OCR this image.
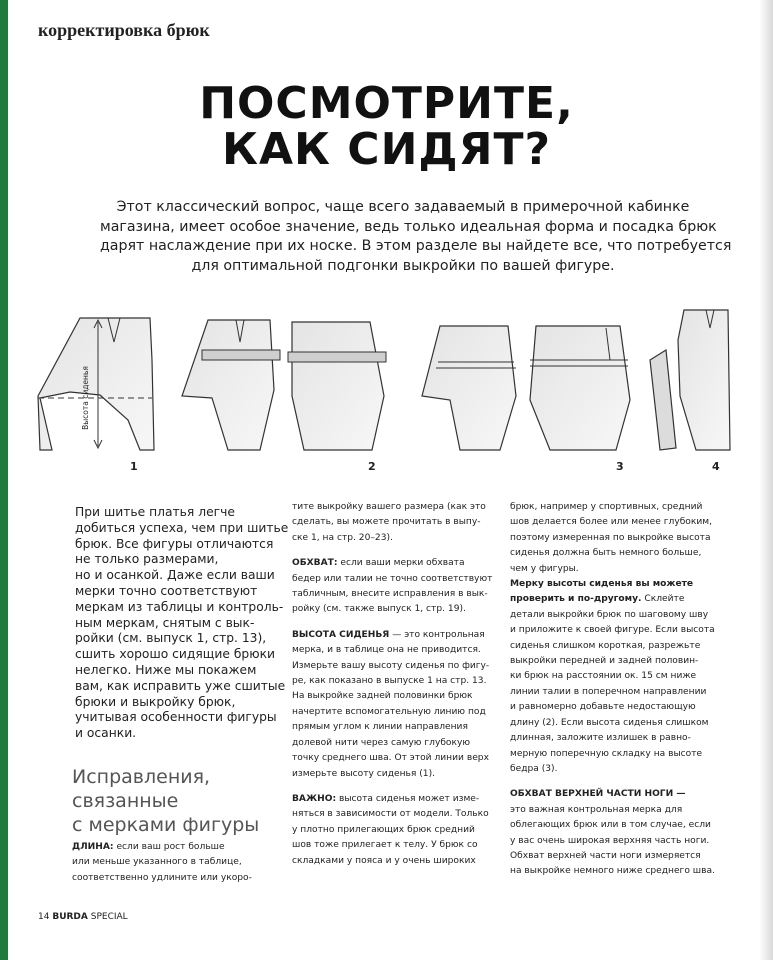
корректировка брюк
ПОСМОТРИТЕ,
КАК СИДЯТ?
Этот классический вопрос, чаще всего задаваемый в примерочной кабинке
магазина, имеет особое значение, ведь только идеальная форма и посадка брюк
дарят наслаждение при их носке. В этом разделе вы найдете все, что потребуется
для оптимальной подгонки выкройки по вашей фигуре.
Высота сиденья
1	2	3	4
При шитье платья легче
добиться успеха, чем при шитье
брюк. Все фигуры отличаются
не только размерами,
но и осанкой. Даже если ваши
мерки точно соответствуют
меркам из таблицы и контроль-
ным меркам, снятым с вык-
ройки (см. выпуск 1, стр. 13),
сшить хорошо сидящие брюки
нелегко. Ниже мы покажем
вам, как исправить уже сшитые
брюки и выкройку брюк,
учитывая особенности фигуры
и осанки.
Исправления,
связанные
с мерками фигуры
ДЛИНА: если ваш рост больше
или меньше указанного в таблице,
соответственно удлините или укоро-
тите выкройку вашего размера (как это
сделать, вы можете прочитать в выпу-
ске 1, на стр. 20–23).
ОБХВАТ: если ваши мерки обхвата
бедер или талии не точно соответствуют
табличным, внесите исправления в вык-
ройку (см. также выпуск 1, стр. 19).
ВЫСОТА СИДЕНЬЯ — это контрольная
мерка, и в таблице она не приводится.
Измерьте вашу высоту сиденья по фигу-
ре, как показано в выпуске 1 на стр. 13.
На выкройке задней половинки брюк
начертите вспомогательную линию под
прямым углом к линии направления
долевой нити через самую глубокую
точку среднего шва. От этой линии верх
измерьте высоту сиденья (1).
ВАЖНО: высота сиденья может изме-
няться в зависимости от модели. Только
у плотно прилегающих брюк средний
шов тоже прилегает к телу. У брюк со
складками у пояса и у очень широких
брюк, например у спортивных, средний
шов делается более или менее глубоким,
поэтому измеренная по выкройке высота
сиденья должна быть немного больше,
чем у фигуры.
Мерку высоты сиденья вы можете
проверить и по-другому. Склейте
детали выкройки брюк по шаговому шву
и приложите к своей фигуре. Если высота
сиденья слишком короткая, разрежьте
выкройки передней и задней половин-
ки брюк на расстоянии ок. 15 см ниже
линии талии в поперечном направлении
и равномерно добавьте недостающую
длину (2). Если высота сиденья слишком
длинная, заложите излишек в равно-
мерную поперечную складку на высоте
бедра (3).
ОБХВАТ ВЕРХНЕЙ ЧАСТИ НОГИ —
это важная контрольная мерка для
облегающих брюк или в том случае, если
у вас очень широкая верхняя часть ноги.
Обхват верхней части ноги измеряется
на выкройке немного ниже среднего шва.
14 BURDA SPECIAL
